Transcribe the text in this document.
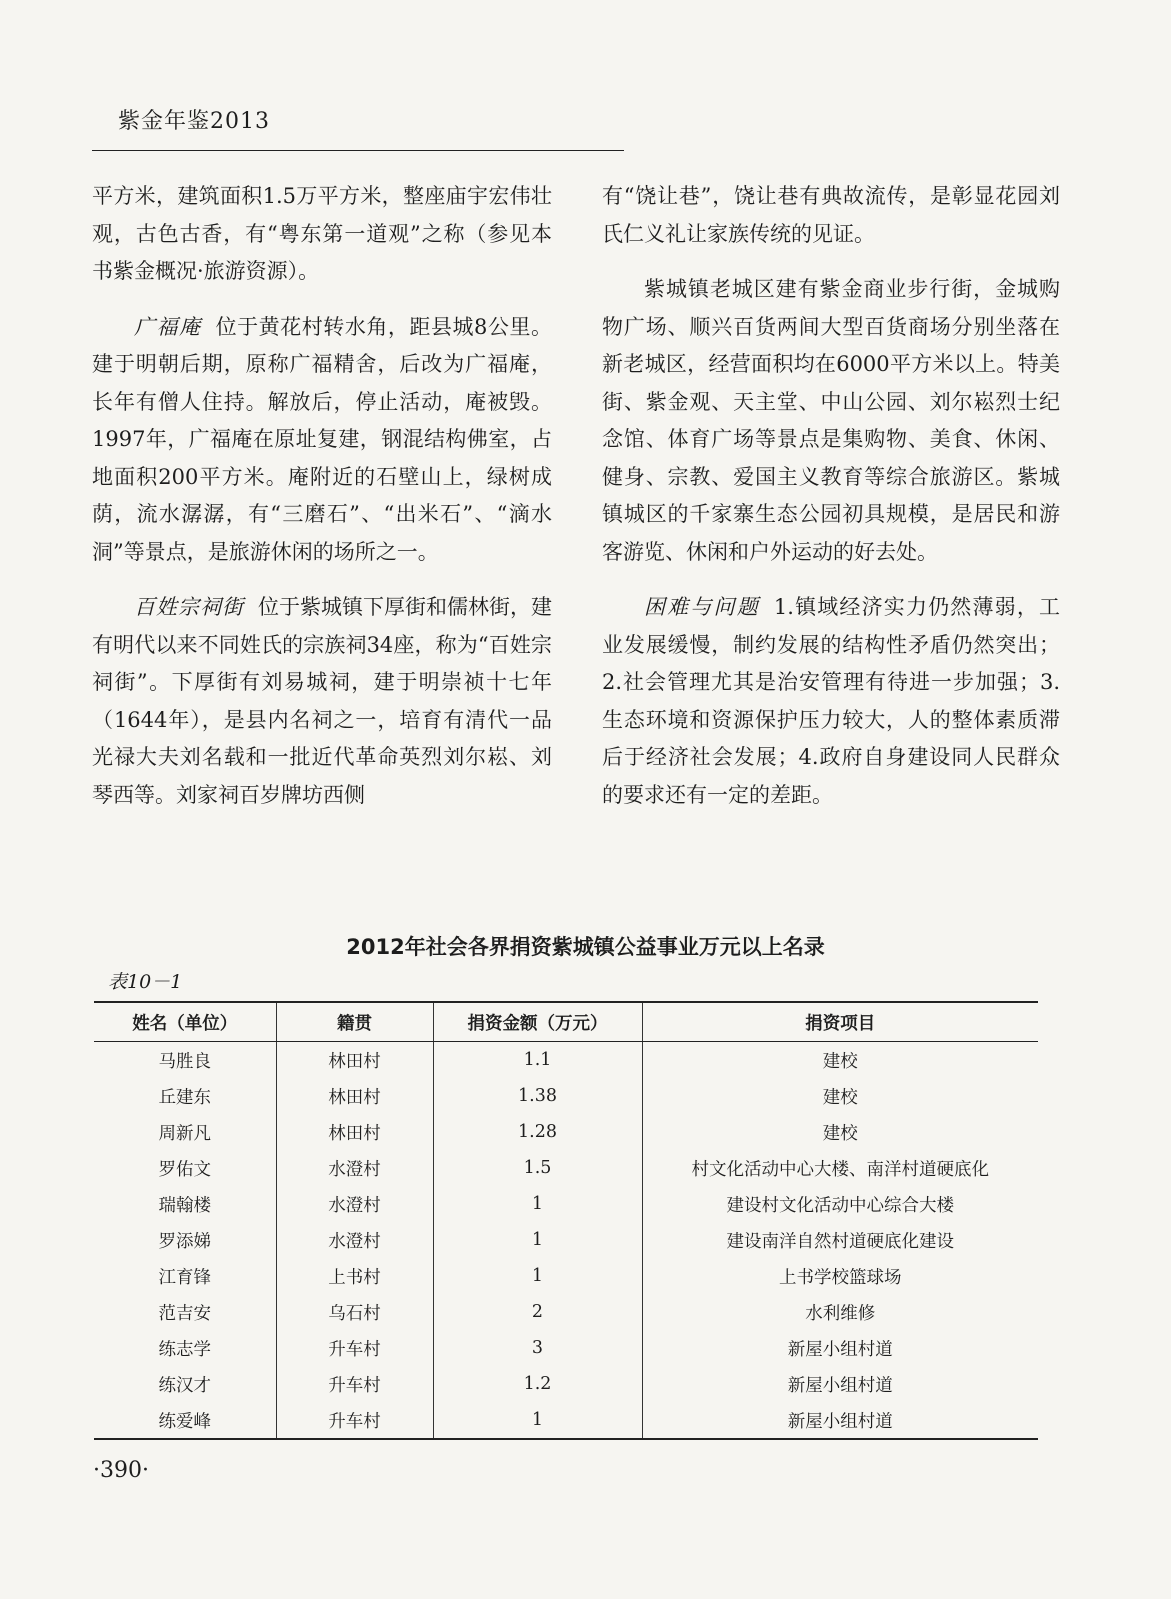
紫金年鉴2013

平方米，建筑面积1.5万平方米，整座庙宇宏伟壮观，古色古香，有“粤东第一道观”之称（参见本书紫金概况·旅游资源）。

广福庵 位于黄花村转水角，距县城8公里。建于明朝后期，原称广福精舍，后改为广福庵，长年有僧人住持。解放后，停止活动，庵被毁。1997年，广福庵在原址复建，钢混结构佛室，占地面积200平方米。庵附近的石壁山上，绿树成荫，流水潺潺，有“三磨石”、“出米石”、“滴水洞”等景点，是旅游休闲的场所之一。

百姓宗祠街 位于紫城镇下厚街和儒林街，建有明代以来不同姓氏的宗族祠34座，称为“百姓宗祠街”。下厚街有刘易城祠，建于明崇祯十七年（1644年），是县内名祠之一，培育有清代一品光禄大夫刘名载和一批近代革命英烈刘尔崧、刘琴西等。刘家祠百岁牌坊西侧

有“饶让巷”，饶让巷有典故流传，是彰显花园刘氏仁义礼让家族传统的见证。

紫城镇老城区建有紫金商业步行街，金城购物广场、顺兴百货两间大型百货商场分别坐落在新老城区，经营面积均在6000平方米以上。特美街、紫金观、天主堂、中山公园、刘尔崧烈士纪念馆、体育广场等景点是集购物、美食、休闲、健身、宗教、爱国主义教育等综合旅游区。紫城镇城区的千家寨生态公园初具规模，是居民和游客游览、休闲和户外运动的好去处。

困难与问题 1.镇域经济实力仍然薄弱，工业发展缓慢，制约发展的结构性矛盾仍然突出；2.社会管理尤其是治安管理有待进一步加强；3.生态环境和资源保护压力较大，人的整体素质滞后于经济社会发展；4.政府自身建设同人民群众的要求还有一定的差距。

2012年社会各界捐资紫城镇公益事业万元以上名录
表10－1
姓名（单位）	籍贯	捐资金额（万元）	捐资项目
马胜良	林田村	1.1	建校
丘建东	林田村	1.38	建校
周新凡	林田村	1.28	建校
罗佑文	水澄村	1.5	村文化活动中心大楼、南洋村道硬底化
瑞翰楼	水澄村	1	建设村文化活动中心综合大楼
罗添娣	水澄村	1	建设南洋自然村道硬底化建设
江育锋	上书村	1	上书学校篮球场
范吉安	乌石村	2	水利维修
练志学	升车村	3	新屋小组村道
练汉才	升车村	1.2	新屋小组村道
练爱峰	升车村	1	新屋小组村道
·390·
